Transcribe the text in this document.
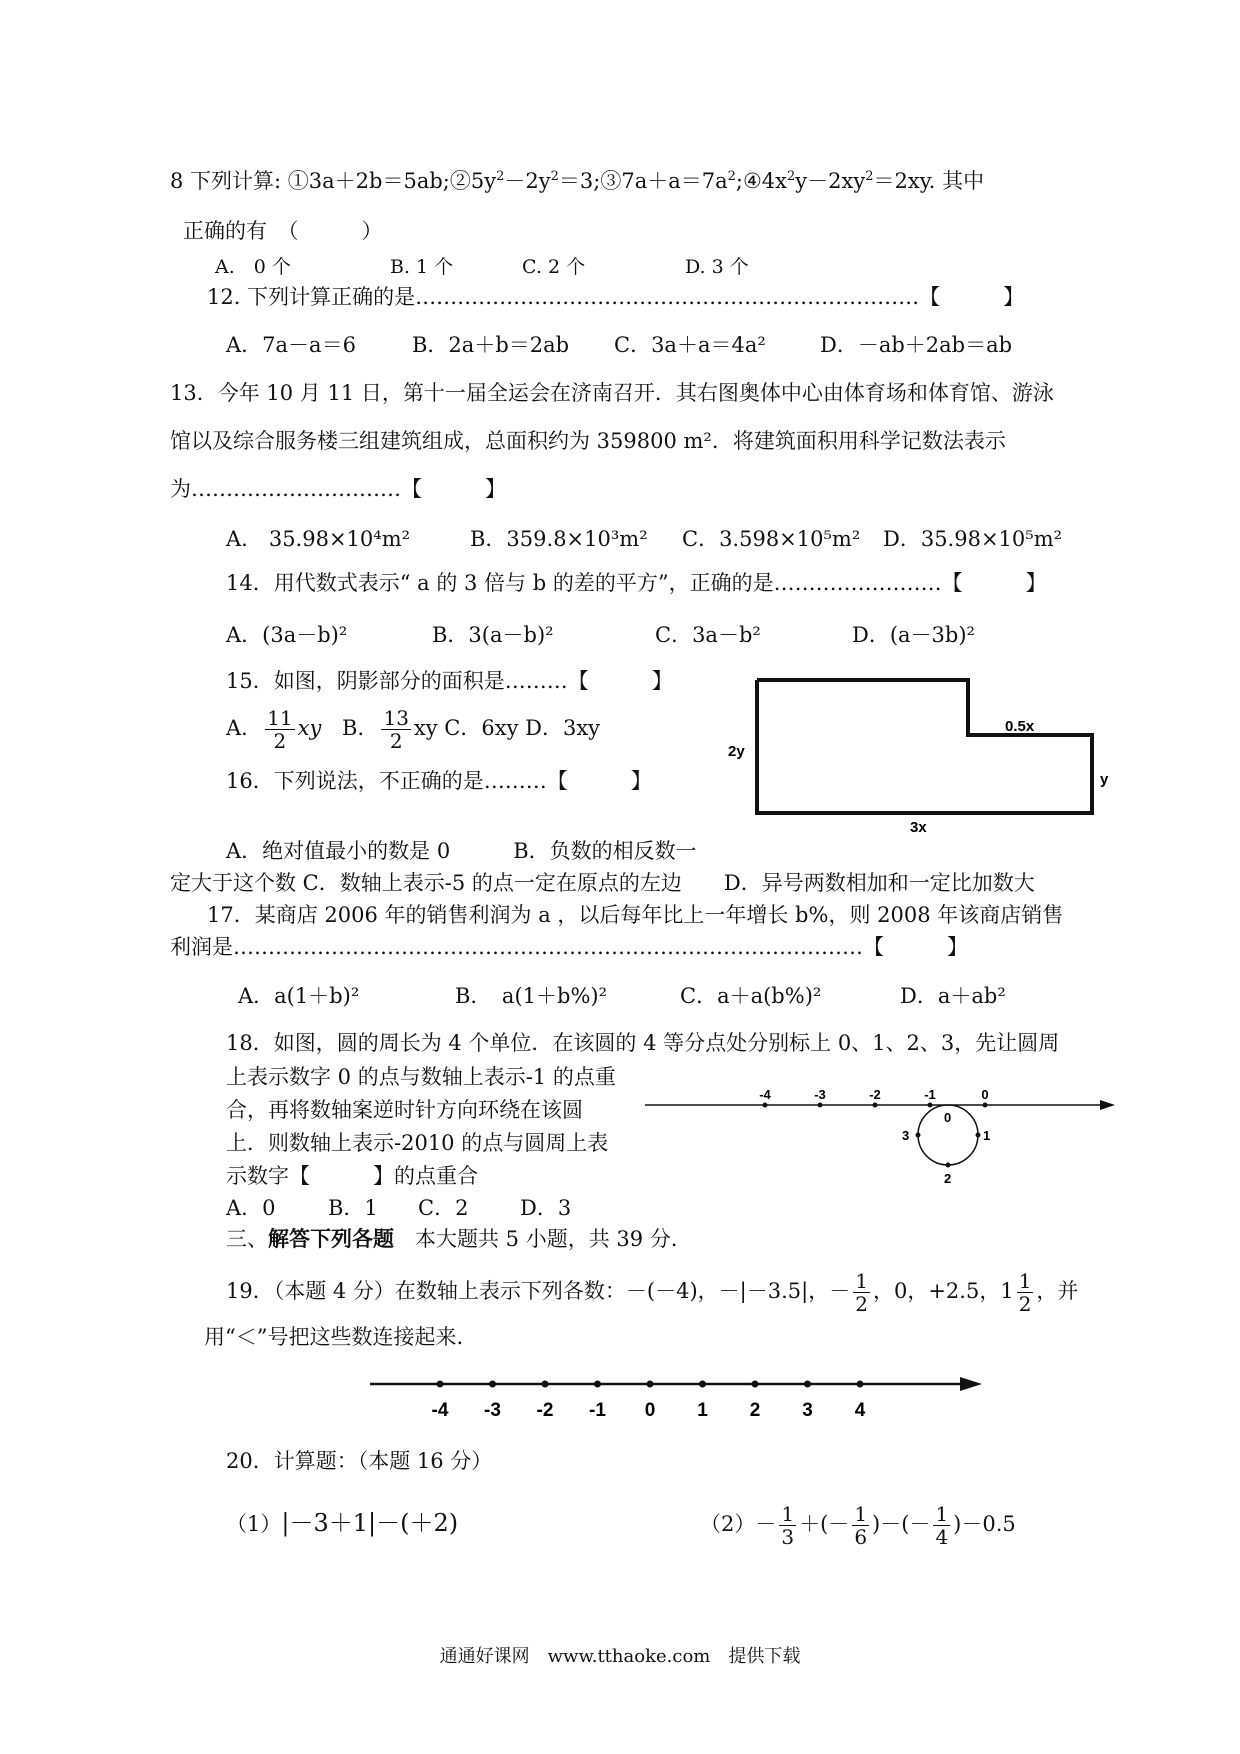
8 下列计算: $①3a+2b=5ab;②5y^2-2y^2=3;③7a+a=7a^2;④4x^2y-2xy^2=2xy$. 其中
正确的有　（　　　）
A.　0 个	B. 1 个	C. 2 个	D. 3 个
12. 下列计算正确的是………………………………………………………………【　　　】
A．7a－a＝6	B．2a＋b＝2ab C．3a＋a＝4a²	D．－ab＋2ab＝ab
13．今年 10 月 11 日，第十一届全运会在济南召开．其右图奥体中心由体育场和体育馆、游泳
馆以及综合服务楼三组建筑组成，总面积约为 359800 m²．将建筑面积用科学记数法表示
为…………………………【　　　】
A.　35.98×10⁴m²	B．359.8×10³m² C．3.598×10⁵m² D．35.98×10⁵m²
14．用代数式表示“ a 的 3 倍与 b 的差的平方”，正确的是……………………【　　　】
A．(3a－b)²	B．3(a－b)²	C．3a－b²	D．(a－3b)²
15．如图，阴影部分的面积是………【　　　】
A． $\frac{11}{2}$ xy B． $\frac{13}{2}$ xy C．6xy D．3xy
2y
y
3x
0.5x
16．下列说法，不正确的是………【　　　】
A．绝对值最小的数是 0　　　B．负数的相反数一
定大于这个数 C．数轴上表示-5 的点一定在原点的左边　　D．异号两数相加和一定比加数大
17．某商店 2006 年的销售利润为 a ，以后每年比上一年增长 b%，则 2008 年该商店销售
利润是………………………………………………………………………………【　　　】
A．a(1＋b)²	B．　a(1＋b%)²	C．a＋a(b%)²	D．a＋ab²
18．如图，圆的周长为 4 个单位．在该圆的 4 等分点处分别标上 0、1、2、3，先让圆周
上表示数字 0 的点与数轴上表示-1 的点重
合，再将数轴案逆时针方向环绕在该圆
上．则数轴上表示-2010 的点与圆周上表
示数字【　　　】的点重合
A．0 B．1 C．2 D．3
-4	-3	-2	-1	0
0
1
2
3
三、解答下列各题　本大题共 5 小题，共 39 分.
19．（本题 4 分）在数轴上表示下列各数：－(－4)，－|－3.5|，－ $\frac{1}{2}$ ，0，+2.5，$1 \frac{1}{2}$ ，并
用“＜”号把这些数连接起来.
-4 -3 -2 -1 0 1 2 3 4
20．计算题：（本题 16 分）
（1）|－3＋1|－(＋2)	$(2)- \frac{1}{3}$ ＋(－ $\frac{1}{6}$ )－(－ $\frac{1}{4} )-0.5$
通通好课网　www.tthaoke.com　提供下载
